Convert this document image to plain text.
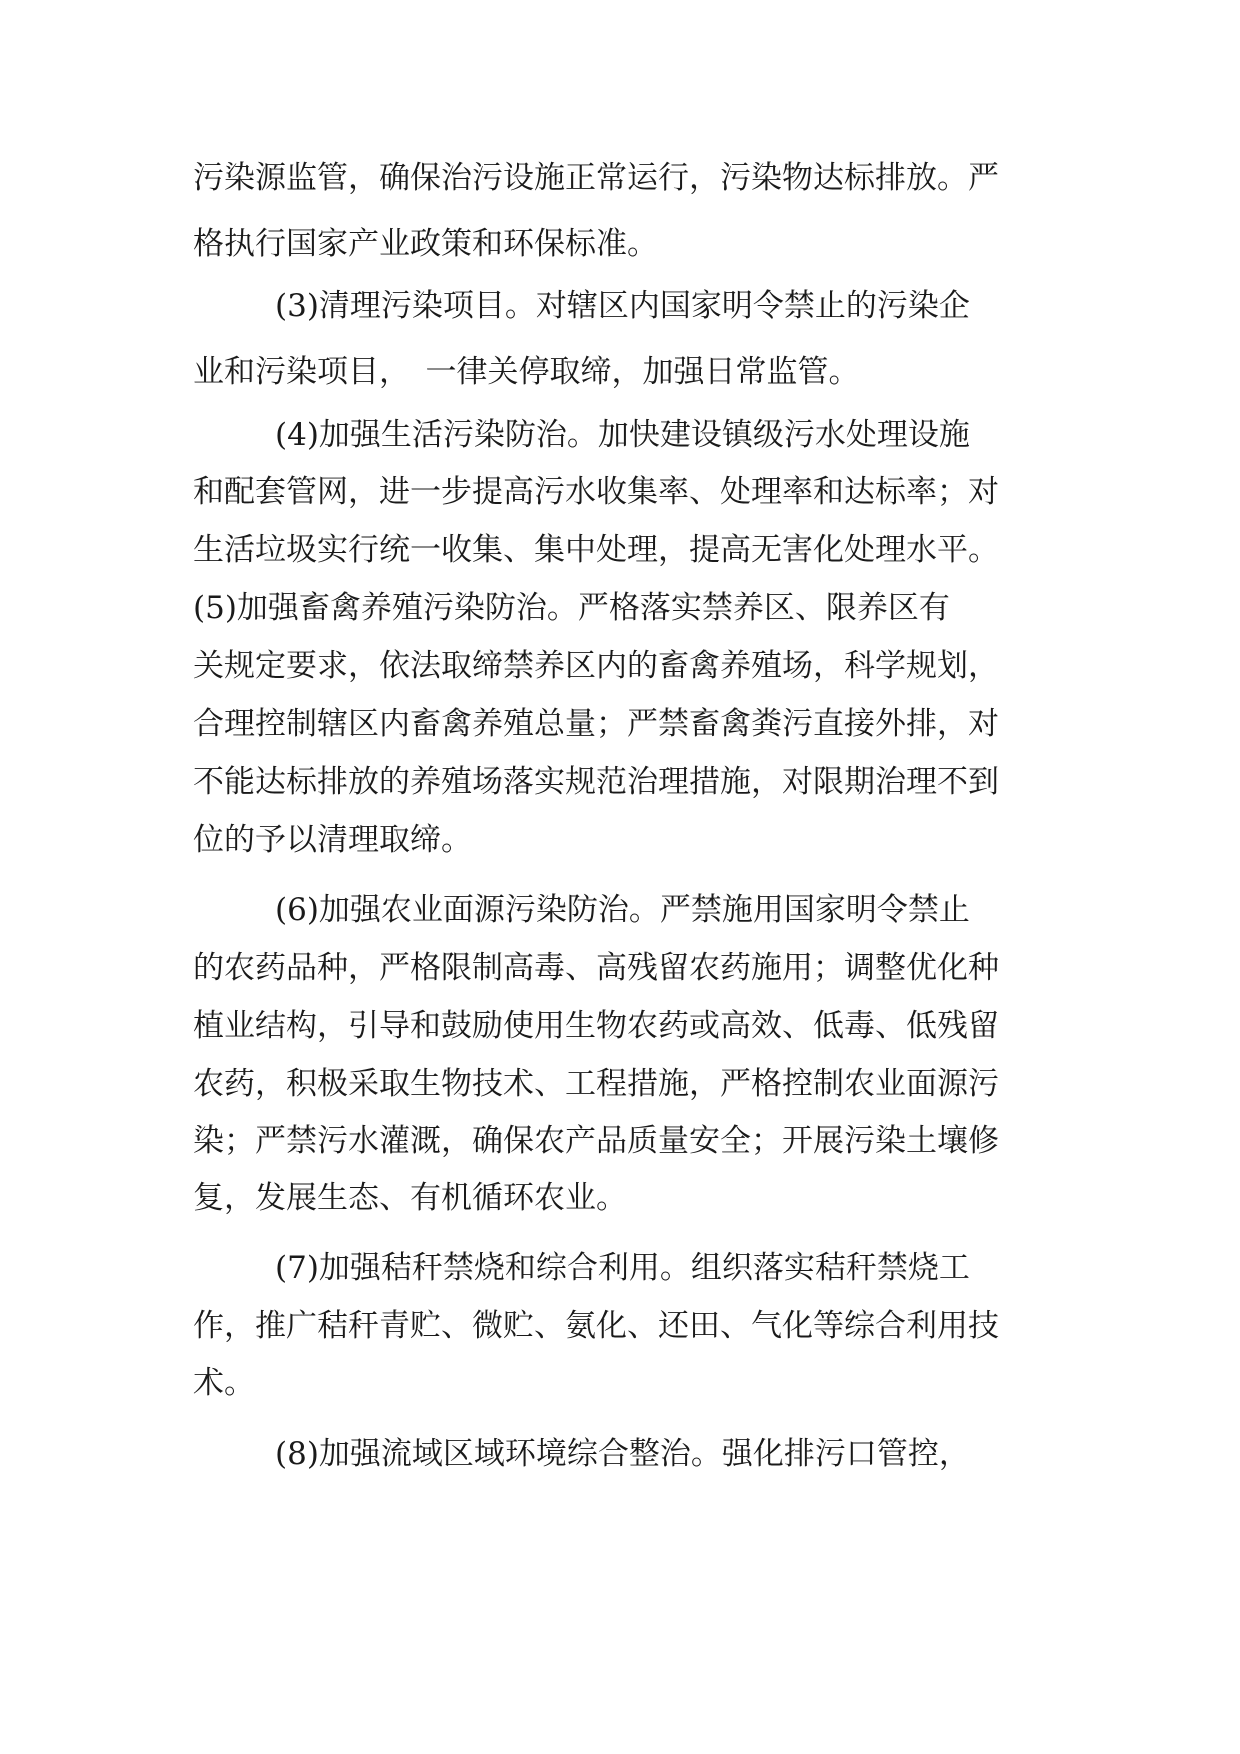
污染源监管，确保治污设施正常运行，污染物达标排放。严
格执行国家产业政策和环保标准。
(3)清理污染项目。对辖区内国家明令禁止的污染企
业和污染项目，　一律关停取缔，加强日常监管。
(4)加强生活污染防治。加快建设镇级污水处理设施
和配套管网，进一步提高污水收集率、处理率和达标率；对
生活垃圾实行统一收集、集中处理，提高无害化处理水平。
(5)加强畜禽养殖污染防治。严格落实禁养区、限养区有
关规定要求，依法取缔禁养区内的畜禽养殖场，科学规划，
合理控制辖区内畜禽养殖总量；严禁畜禽粪污直接外排，对
不能达标排放的养殖场落实规范治理措施，对限期治理不到
位的予以清理取缔。
(6)加强农业面源污染防治。严禁施用国家明令禁止
的农药品种，严格限制高毒、高残留农药施用；调整优化种
植业结构，引导和鼓励使用生物农药或高效、低毒、低残留
农药，积极采取生物技术、工程措施，严格控制农业面源污
染；严禁污水灌溉，确保农产品质量安全；开展污染土壤修
复，发展生态、有机循环农业。
(7)加强秸秆禁烧和综合利用。组织落实秸秆禁烧工
作，推广秸秆青贮、微贮、氨化、还田、气化等综合利用技
术。
(8)加强流域区域环境综合整治。强化排污口管控，
